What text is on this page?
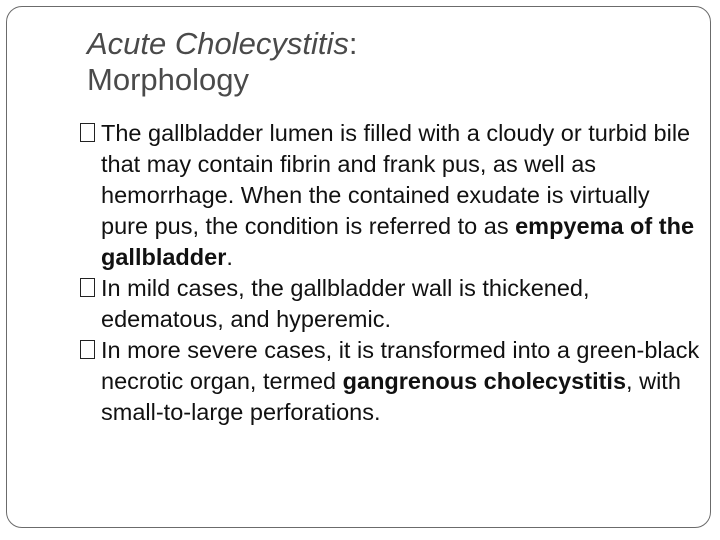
Acute Cholecystitis:
Morphology

The gallbladder lumen is filled with a cloudy or turbid bile that may contain fibrin and frank pus, as well as hemorrhage. When the contained exudate is virtually pure pus, the condition is referred to as empyema of the gallbladder.

In mild cases, the gallbladder wall is thickened, edematous, and hyperemic.

In more severe cases, it is transformed into a green-black necrotic organ, termed gangrenous cholecystitis, with small-to-large perforations.
